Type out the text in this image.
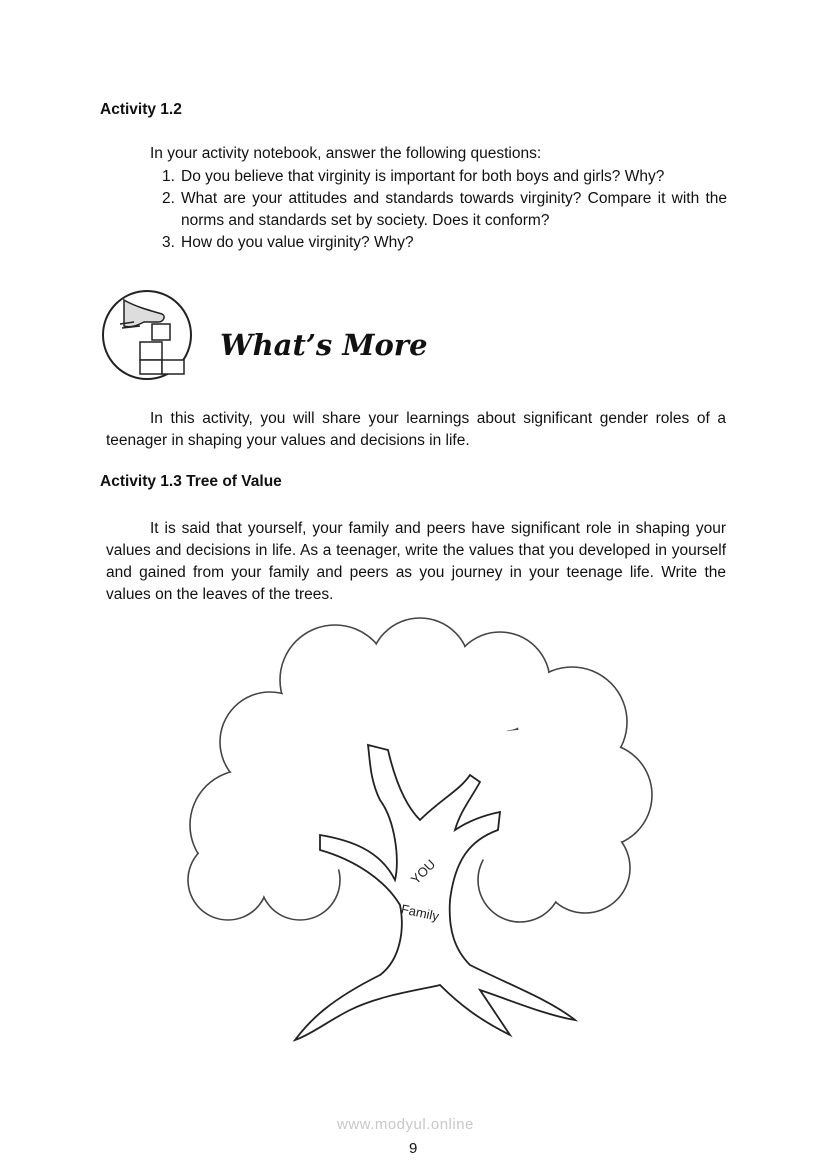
Activity 1.2
In your activity notebook, answer the following questions:
1. Do you believe that virginity is important for both boys and girls? Why?
2. What are your attitudes and standards towards virginity? Compare it with the norms and standards set by society. Does it conform?
3. How do you value virginity? Why?
What’s More
In this activity, you will share your learnings about significant gender roles of a teenager in shaping your values and decisions in life.
Activity 1.3 Tree of Value
It is said that yourself, your family and peers have significant role in shaping your values and decisions in life. As a teenager, write the values that you developed in yourself and gained from your family and peers as you journey in your teenage life. Write the values on the leaves of the trees.
YOU
Family
www.modyul.online
9
